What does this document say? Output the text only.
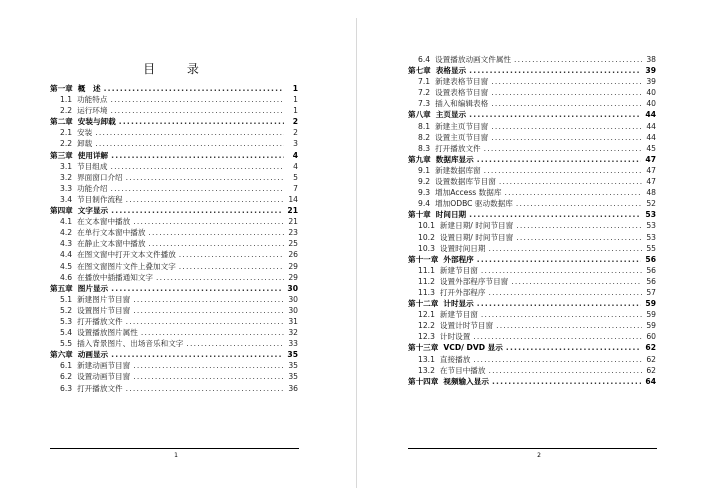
目 录
第一章 概　述 .....	1
1.1 功能特点 .....	1
2.2 运行环境 .....	1
第二章 安装与卸载 .....	2
2.1 安装 .....	2
2.2 卸载 .....	3
第三章 使用详解 .....	4
3.1 节目组成 .....	4
3.2 界面窗口介绍 .....	5
3.3 功能介绍 .....	7
3.4 节目制作流程 .....	14
第四章 文字显示 .....	21
4.1 在文本窗中播放 .....	21
4.2 在单行文本窗中播放 .....	23
4.3 在静止文本窗中播放 .....	25
4.4 在图文窗中打开文本文件播放 .....	26
4.5 在图文窗图片文件上叠加文字 .....	29
4.6 在播放中插播通知文字 .....	29
第五章 图片显示 .....	30
5.1 新建图片节目窗 .....	30
5.2 设置图片节目窗 .....	30
5.3 打开播放文件 .....	31
5.4 设置播放图片属性 .....	32
5.5 插入背景图片、出场音乐和文字 .....	33
第六章 动画显示 .....	35
6.1 新建动画节目窗 .....	35
6.2 设置动画节目窗 .....	35
6.3 打开播放文件 .....	36
1
6.4 设置播放动画文件属性 .....	38
第七章 表格显示 .....	39
7.1 新建表格节目窗 .....	39
7.2 设置表格节目窗 .....	40
7.3 插入和编辑表格 .....	40
第八章 主页显示 .....	44
8.1 新建主页节目窗 .....	44
8.2 设置主页节目窗 .....	44
8.3 打开播放文件 .....	45
第九章 数据库显示 .....	47
9.1 新建数据库窗 .....	47
9.2 设置数据库节目窗 .....	47
9.3 增加Access 数据库 .....	48
9.4 增加ODBC 驱动数据库 .....	52
第十章 时间日期 .....	53
10.1 新建日期/ 时间节目窗 .....	53
10.2 设置日期/ 时间节目窗 .....	53
10.3 设置时间日期 .....	55
第十一章 外部程序 .....	56
11.1 新建节目窗 .....	56
11.2 设置外部程序节目窗 .....	56
11.3 打开外部程序 .....	57
第十二章 计时显示 .....	59
12.1 新建节目窗 .....	59
12.2 设置计时节目窗 .....	59
12.3 计时设置 .....	60
第十三章 VCD/ DVD 显示 .....	62
13.1 直接播放 .....	62
13.2 在节目中播放 .....	62
第十四章 视频输入显示 .....	64
2
